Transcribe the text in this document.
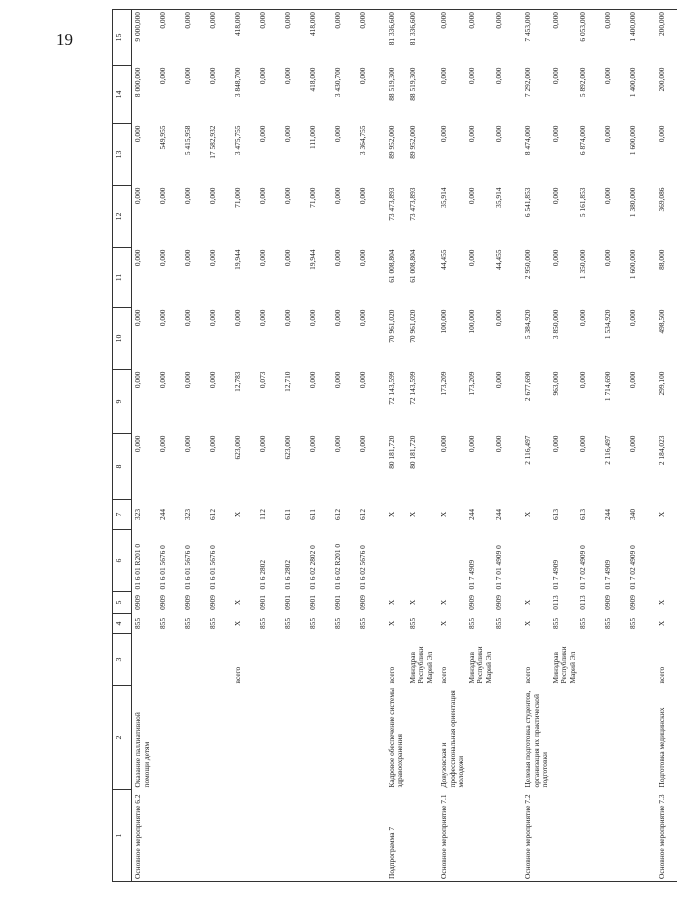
19
1	2	3	4	5	6	7	8	9	10	11	12	13	14	15
Основное мероприятие 6.2	Оказание паллиативной помощи детям		855	0909	01 6 01 R201 0	323	0,000	0,000	0,000	0,000	0,000	0,000	8 000,000	9 000,000
			855	0909	01 6 01 5676 0	244	0,000	0,000	0,000	0,000	0,000	549,955	0,000	0,000
			855	0909	01 6 01 5676 0	323	0,000	0,000	0,000	0,000	0,000	5 415,958	0,000	0,000
			855	0909	01 6 01 5676 0	612	0,000	0,000	0,000	0,000	0,000	17 582,932	0,000	0,000
		всего	X	X		X	623,000	12,783	0,000	19,944	71,000	3 475,755	3 848,700	418,000
			855	0901	01 6 2802	112	0,000	0,073	0,000	0,000	0,000	0,000	0,000	0,000
			855	0901	01 6 2802	611	623,000	12,710	0,000	0,000	0,000	0,000	0,000	0,000
			855	0901	01 6 02 2802 0	611	0,000	0,000	0,000	19,944	71,000	111,000	418,000	418,000
			855	0901	01 6 02 R201 0	612	0,000	0,000	0,000	0,000	0,000	0,000	3 430,700	0,000
			855	0909	01 6 02 5676 0	612	0,000	0,000	0,000	0,000	0,000	3 364,755	0,000	0,000
Подпрограмма 7	Кадровое обеспечение системы здравоохранения	всего	X	X		X	80 181,720	72 143,599	70 961,020	61 008,804	73 473,893	89 952,000	88 519,300	81 336,600
		Минздрав Республики Марий Эл	855	X		X	80 181,720	72 143,599	70 961,020	61 008,804	73 473,893	89 952,000	88 519,300	81 336,600
Основное мероприятие 7.1	Довузовская и профессиональная ориентация молодежи	всего	X	X		X	0,000	173,209	100,000	44,455	35,914	0,000	0,000	0,000
		Минздрав Республики Марий Эл	855	0909	01 7 4909	244	0,000	173,209	100,000	0,000	0,000	0,000	0,000	0,000
			855	0909	01 7 01 4909 0	244	0,000	0,000	0,000	44,455	35,914	0,000	0,000	0,000
Основное мероприятие 7.2	Целевая подготовка студентов, организация их практической подготовки	всего	X	X		X	2 116,497	2 677,690	5 384,920	2 950,000	6 541,853	8 474,000	7 292,000	7 453,000
		Минздрав Республики Марий Эл	855	0113	01 7 4909	613	0,000	963,000	3 850,000	0,000	0,000	0,000	0,000	0,000
			855	0113	01 7 02 4909 0	613	0,000	0,000	0,000	1 350,000	5 161,853	6 874,000	5 892,000	6 053,000
			855	0909	01 7 4909	244	2 116,497	1 714,690	1 534,920	0,000	0,000	0,000	0,000	0,000
			855	0909	01 7 02 4909 0	340	0,000	0,000	0,000	1 600,000	1 380,000	1 600,000	1 400,000	1 400,000
Основное мероприятие 7.3	Подготовка медицинских	всего	X	X		X	2 184,023	299,100	498,500	88,000	369,086	0,000	200,000	200,000
